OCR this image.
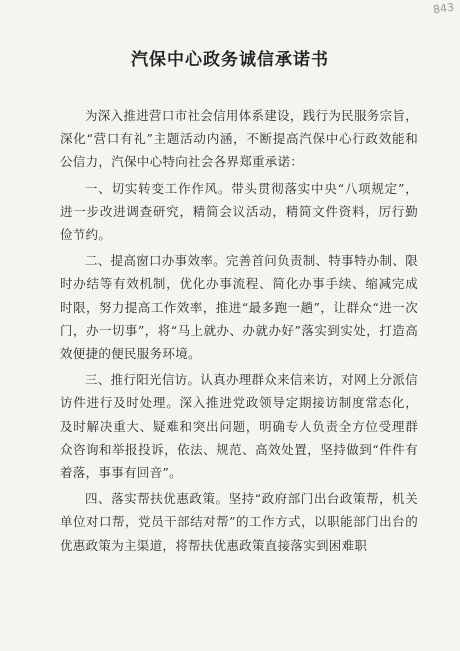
843
汽保中心政务诚信承诺书

为深入推进营口市社会信用体系建设，践行为民服务宗旨，深化“营口有礼”主题活动内涵，不断提高汽保中心行政效能和公信力，汽保中心特向社会各界郑重承诺：

一、切实转变工作作风。带头贯彻落实中央“八项规定”，进一步改进调查研究，精简会议活动，精简文件资料，厉行勤俭节约。

二、提高窗口办事效率。完善首问负责制、特事特办制、限时办结等有效机制，优化办事流程、简化办事手续、缩减完成时限，努力提高工作效率，推进“最多跑一趟”，让群众“进一次门，办一切事”，将“马上就办、办就办好”落实到实处，打造高效便捷的便民服务环境。

三、推行阳光信访。认真办理群众来信来访，对网上分派信访件进行及时处理。深入推进党政领导定期接访制度常态化，及时解决重大、疑难和突出问题，明确专人负责全方位受理群众咨询和举报投诉，依法、规范、高效处置，坚持做到“件件有着落，事事有回音”。

四、落实帮扶优惠政策。坚持“政府部门出台政策帮，机关单位对口帮，党员干部结对帮”的工作方式，以职能部门出台的优惠政策为主渠道，将帮扶优惠政策直接落实到困难职
